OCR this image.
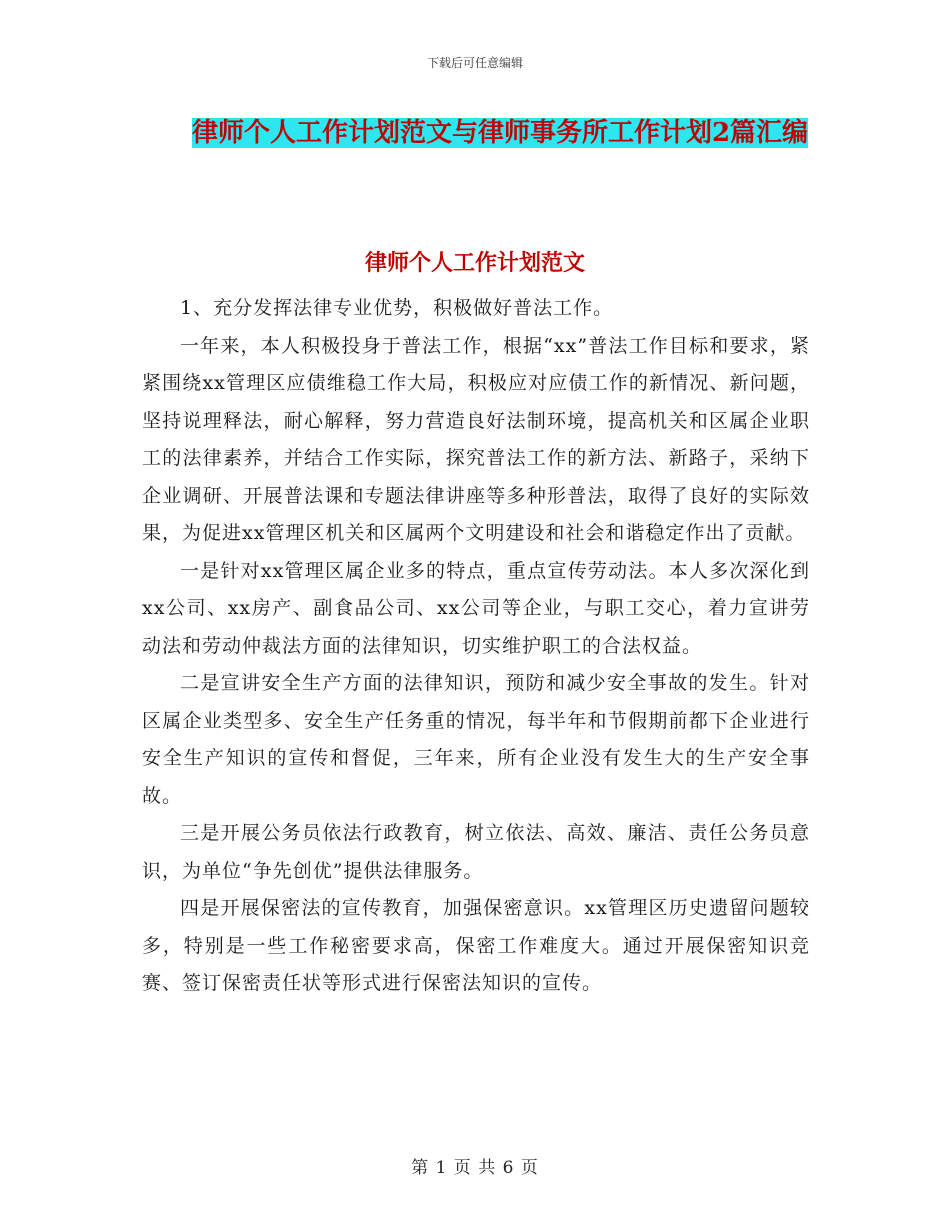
下载后可任意编辑
律师个人工作计划范文与律师事务所工作计划2篇汇编
律师个人工作计划范文

1、充分发挥法律专业优势，积极做好普法工作。

一年来，本人积极投身于普法工作，根据“xx”普法工作目标和要求，紧紧围绕xx管理区应债维稳工作大局，积极应对应债工作的新情况、新问题，坚持说理释法，耐心解释，努力营造良好法制环境，提高机关和区属企业职工的法律素养，并结合工作实际，探究普法工作的新方法、新路子，采纳下企业调研、开展普法课和专题法律讲座等多种形普法，取得了良好的实际效果，为促进xx管理区机关和区属两个文明建设和社会和谐稳定作出了贡献。

一是针对xx管理区属企业多的特点，重点宣传劳动法。本人多次深化到xx公司、xx房产、副食品公司、xx公司等企业，与职工交心，着力宣讲劳动法和劳动仲裁法方面的法律知识，切实维护职工的合法权益。

二是宣讲安全生产方面的法律知识，预防和减少安全事故的发生。针对区属企业类型多、安全生产任务重的情况，每半年和节假期前都下企业进行安全生产知识的宣传和督促，三年来，所有企业没有发生大的生产安全事故。

三是开展公务员依法行政教育，树立依法、高效、廉洁、责任公务员意识，为单位“争先创优”提供法律服务。

四是开展保密法的宣传教育，加强保密意识。xx管理区历史遗留问题较多，特别是一些工作秘密要求高，保密工作难度大。通过开展保密知识竞赛、签订保密责任状等形式进行保密法知识的宣传。

第 1 页 共 6 页
